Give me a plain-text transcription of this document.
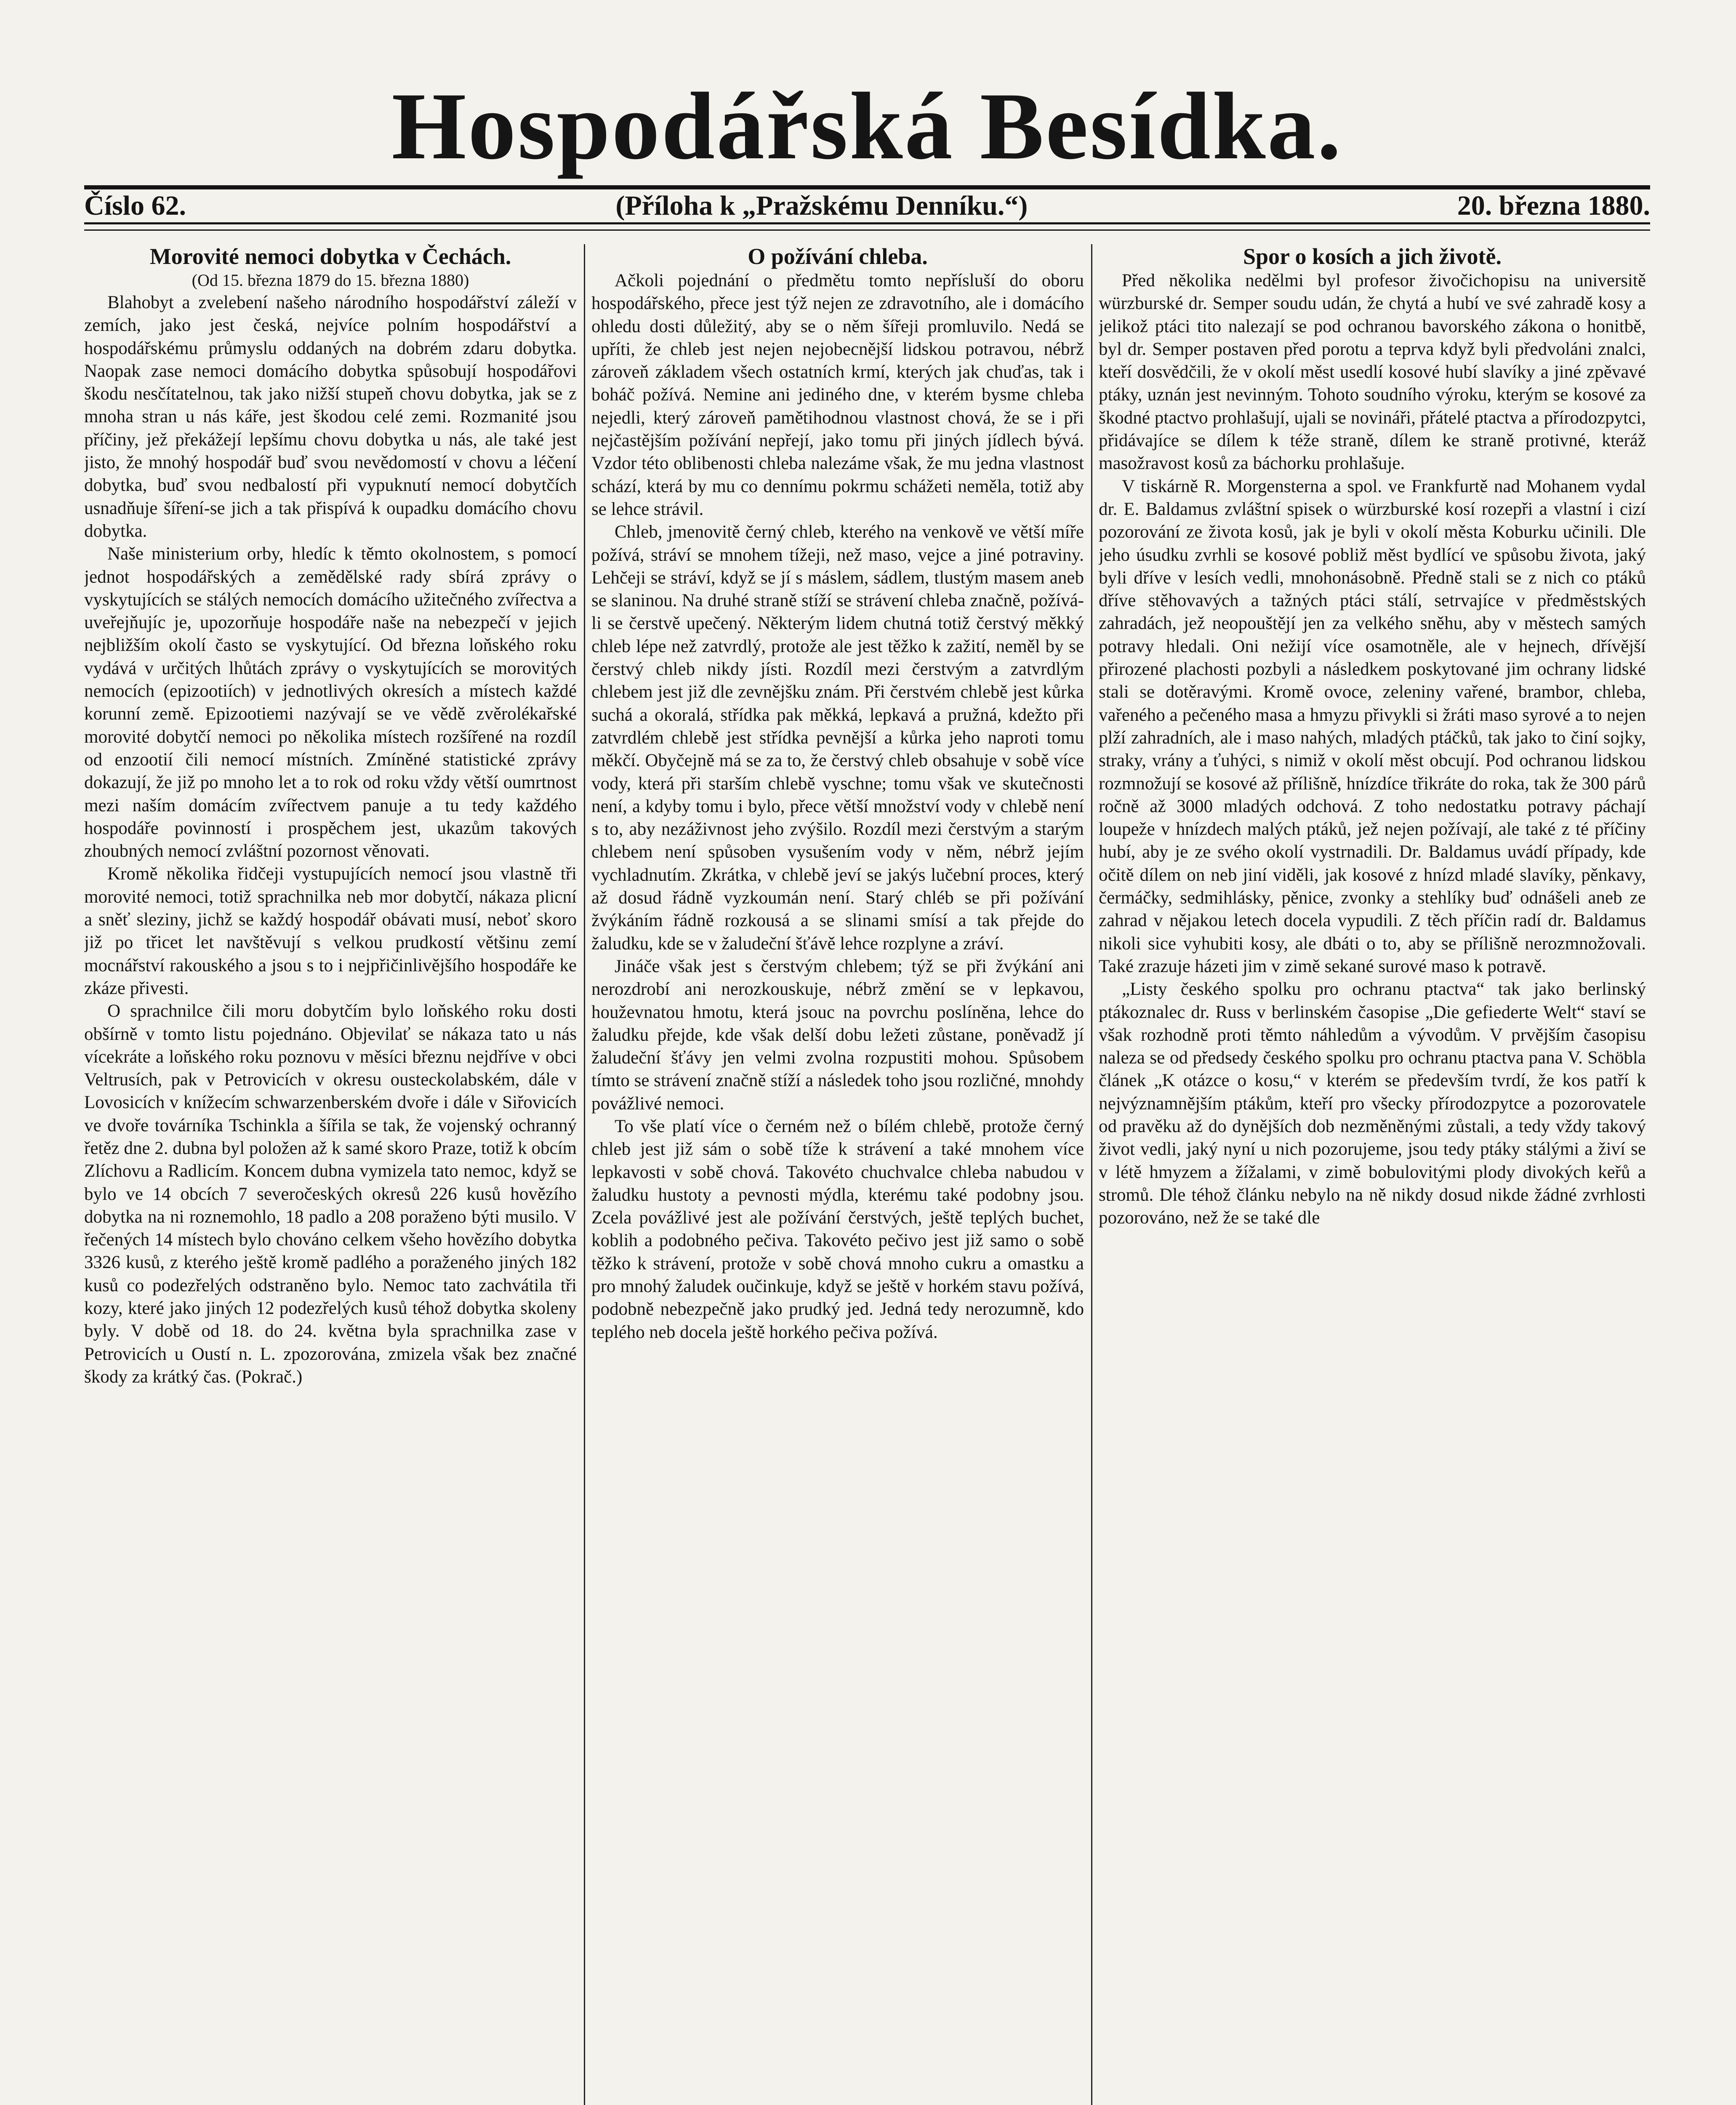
Hospodářská Besídka.
Číslo 62.	(Příloha k „Pražskému Denníku.“)	20. března 1880.
Morovité nemoci dobytka v Čechách.
(Od 15. března 1879 do 15. března 1880)

Blahobyt a zvelebení našeho národního hospodářství záleží v zemích, jako jest česká, nejvíce polním hospodářství a hospodářskému průmyslu oddaných na dobrém zdaru dobytka. Naopak zase nemoci domácího dobytka spůsobují hospodářovi škodu nesčítatelnou, tak jako nižší stupeň chovu dobytka, jak se z mnoha stran u nás káře, jest škodou celé zemi. Rozmanité jsou příčiny, jež překážejí lepšímu chovu dobytka u nás, ale také jest jisto, že mnohý hospodář buď svou nevědomostí v chovu a léčení dobytka, buď svou nedbalostí při vypuknutí nemocí dobytčích usnadňuje šíření-se jich a tak přispívá k oupadku domácího chovu dobytka.

Naše ministerium orby, hledíc k těmto okolnostem, s pomocí jednot hospodářských a zemědělské rady sbírá zprávy o vyskytujících se stálých nemocích domácího užitečného zvířectva a uveřejňujíc je, upozorňuje hospodáře naše na nebezpečí v jejich nejbližším okolí často se vyskytující. Od března loňského roku vydává v určitých lhůtách zprávy o vyskytujících se morovitých nemocích (epizootiích) v jednotlivých okresích a místech každé korunní země. Epizootiemi nazývají se ve vědě zvěrolékařské morovité dobytčí nemoci po několika místech rozšířené na rozdíl od enzootií čili nemocí místních. Zmíněné statistické zprávy dokazují, že již po mnoho let a to rok od roku vždy větší oumrtnost mezi naším domácím zvířectvem panuje a tu tedy každého hospodáře povinností i prospěchem jest, ukazům takových zhoubných nemocí zvláštní pozornost věnovati.

Kromě několika řidčeji vystupujících nemocí jsou vlastně tři morovité nemoci, totiž sprachnilka neb mor dobytčí, nákaza plicní a sněť sleziny, jichž se každý hospodář obávati musí, neboť skoro již po třicet let navštěvují s velkou prudkostí většinu zemí mocnářství rakouského a jsou s to i nejpřičinlivějšího hospodáře ke zkáze přivesti.

O sprachnilce čili moru dobytčím bylo loňského roku dosti obšírně v tomto listu pojednáno. Objevilať se nákaza tato u nás vícekráte a loňského roku poznovu v měsíci březnu nejdříve v obci Veltrusích, pak v Petrovicích v okresu ousteckolabském, dále v Lovosicích v knížecím schwarzenberském dvoře i dále v Siřovicích ve dvoře továrníka Tschinkla a šířila se tak, že vojenský ochranný řetěz dne 2. dubna byl položen až k samé skoro Praze, totiž k obcím Zlíchovu a Radlicím. Koncem dubna vymizela tato nemoc, když se bylo ve 14 obcích 7 severočeských okresů 226 kusů hovězího dobytka na ni roznemohlo, 18 padlo a 208 poraženo býti musilo. V řečených 14 místech bylo chováno celkem všeho hovězího dobytka 3326 kusů, z kterého ještě kromě padlého a poraženého jiných 182 kusů co podezřelých odstraněno bylo. Nemoc tato zachvátila tři kozy, které jako jiných 12 podezřelých kusů téhož dobytka skoleny byly. V době od 18. do 24. května byla sprachnilka zase v Petrovicích u Oustí n. L. zpozorována, zmizela však bez značné škody za krátký čas. (Pokrač.)

O požívání chleba.

Ačkoli pojednání o předmětu tomto nepřísluší do oboru hospodářského, přece jest týž nejen ze zdravotního, ale i domácího ohledu dosti důležitý, aby se o něm šířeji promluvilo. Nedá se upříti, že chleb jest nejen nejobecnější lidskou potravou, nébrž zároveň základem všech ostatních krmí, kterých jak chuďas, tak i boháč požívá. Nemine ani jediného dne, v kterém bysme chleba nejedli, který zároveň pamětihodnou vlastnost chová, že se i při nejčastějším požívání nepřejí, jako tomu při jiných jídlech bývá. Vzdor této oblibenosti chleba nalezáme však, že mu jedna vlastnost schází, která by mu co dennímu pokrmu schážeti neměla, totiž aby se lehce strávil.

Chleb, jmenovitě černý chleb, kterého na venkově ve větší míře požívá, stráví se mnohem tížeji, než maso, vejce a jiné potraviny. Lehčeji se stráví, když se jí s máslem, sádlem, tlustým masem aneb se slaninou. Na druhé straně stíží se strávení chleba značně, požívá-li se čerstvě upečený. Některým lidem chutná totiž čerstvý měkký chleb lépe než zatvrdlý, protože ale jest těžko k zažití, neměl by se čerstvý chleb nikdy jísti. Rozdíl mezi čerstvým a zatvrdlým chlebem jest již dle zevnějšku znám. Při čerstvém chlebě jest kůrka suchá a okoralá, střídka pak měkká, lepkavá a pružná, kdežto při zatvrdlém chlebě jest střídka pevnější a kůrka jeho naproti tomu měkčí. Obyčejně má se za to, že čerstvý chleb obsahuje v sobě více vody, která při starším chlebě vyschne; tomu však ve skutečnosti není, a kdyby tomu i bylo, přece větší množství vody v chlebě není s to, aby nezáživnost jeho zvýšilo. Rozdíl mezi čerstvým a starým chlebem není spůsoben vysušením vody v něm, nébrž jejím vychladnutím. Zkrátka, v chlebě jeví se jakýs lučební proces, který až dosud řádně vyzkoumán není. Starý chléb se při požívání žvýkáním řádně rozkousá a se slinami smísí a tak přejde do žaludku, kde se v žaludeční šťávě lehce rozplyne a zráví.

Jináče však jest s čerstvým chlebem; týž se při žvýkání ani nerozdrobí ani nerozkouskuje, nébrž změní se v lepkavou, houževnatou hmotu, která jsouc na povrchu poslíněna, lehce do žaludku přejde, kde však delší dobu ležeti zůstane, poněvadž jí žaludeční šťávy jen velmi zvolna rozpustiti mohou. Spůsobem tímto se strávení značně stíží a následek toho jsou rozličné, mnohdy povážlivé nemoci.

To vše platí více o černém než o bílém chlebě, protože černý chleb jest již sám o sobě tíže k strávení a také mnohem více lepkavosti v sobě chová. Takovéto chuchvalce chleba nabudou v žaludku hustoty a pevnosti mýdla, kterému také podobny jsou. Zcela povážlivé jest ale požívání čerstvých, ještě teplých buchet, koblih a podobného pečiva. Takovéto pečivo jest již samo o sobě těžko k strávení, protože v sobě chová mnoho cukru a omastku a pro mnohý žaludek oučinkuje, když se ještě v horkém stavu požívá, podobně nebezpečně jako prudký jed. Jedná tedy nerozumně, kdo teplého neb docela ještě horkého pečiva požívá.

Spor o kosích a jich životě.

Před několika nedělmi byl profesor živočichopisu na universitě würzburské dr. Semper soudu udán, že chytá a hubí ve své zahradě kosy a jelikož ptáci tito nalezají se pod ochranou bavorského zákona o honitbě, byl dr. Semper postaven před porotu a teprva když byli předvoláni znalci, kteří dosvědčili, že v okolí měst usedlí kosové hubí slavíky a jiné zpěvavé ptáky, uznán jest nevinným. Tohoto soudního výroku, kterým se kosové za škodné ptactvo prohlašují, ujali se novináři, přátelé ptactva a přírodozpytci, přidávajíce se dílem k téže straně, dílem ke straně protivné, kteráž masožravost kosů za báchorku prohlašuje.

V tiskárně R. Morgensterna a spol. ve Frankfurtě nad Mohanem vydal dr. E. Baldamus zvláštní spisek o würzburské kosí rozepři a vlastní i cizí pozorování ze života kosů, jak je byli v okolí města Koburku učinili. Dle jeho úsudku zvrhli se kosové pobliž měst bydlící ve spůsobu života, jaký byli dříve v lesích vedli, mnohonásobně. Předně stali se z nich co ptáků dříve stěhovavých a tažných ptáci stálí, setrvajíce v předměstských zahradách, jež neopouštějí jen za velkého sněhu, aby v městech samých potravy hledali. Oni nežijí více osamotněle, ale v hejnech, dřívější přirozené plachosti pozbyli a následkem poskytované jim ochrany lidské stali se dotěravými. Kromě ovoce, zeleniny vařené, brambor, chleba, vařeného a pečeného masa a hmyzu přivykli si žráti maso syrové a to nejen plží zahradních, ale i maso nahých, mladých ptáčků, tak jako to činí sojky, straky, vrány a ťuhýci, s nimiž v okolí měst obcují. Pod ochranou lidskou rozmnožují se kosové až přílišně, hnízdíce třikráte do roka, tak že 300 párů ročně až 3000 mladých odchová. Z toho nedostatku potravy páchají loupeže v hnízdech malých ptáků, jež nejen požívají, ale také z té příčiny hubí, aby je ze svého okolí vystrnadili. Dr. Baldamus uvádí případy, kde očitě dílem on neb jiní viděli, jak kosové z hnízd mladé slavíky, pěnkavy, čermáčky, sedmihlásky, pěnice, zvonky a stehlíky buď odnášeli aneb ze zahrad v nějakou letech docela vypudili. Z těch příčin radí dr. Baldamus nikoli sice vyhubiti kosy, ale dbáti o to, aby se přílišně nerozmnožovali. Také zrazuje házeti jim v zimě sekané surové maso k potravě.

„Listy českého spolku pro ochranu ptactva“ tak jako berlinský ptákoznalec dr. Russ v berlinském časopise „Die gefiederte Welt“ staví se však rozhodně proti těmto náhledům a vývodům. V prvějším časopisu naleza se od předsedy českého spolku pro ochranu ptactva pana V. Schöbla článek „K otázce o kosu,“ v kterém se především tvrdí, že kos patří k nejvýznamnějším ptákům, kteří pro všecky přírodozpytce a pozorovatele od pravěku až do dynějších dob nezměněnými zůstali, a tedy vždy takový život vedli, jaký nyní u nich pozorujeme, jsou tedy ptáky stálými a živí se v létě hmyzem a žížalami, v zimě bobulovitými plody divokých keřů a stromů. Dle téhož článku nebylo na ně nikdy dosud nikde žádné zvrhlosti pozorováno, než že se také dle
